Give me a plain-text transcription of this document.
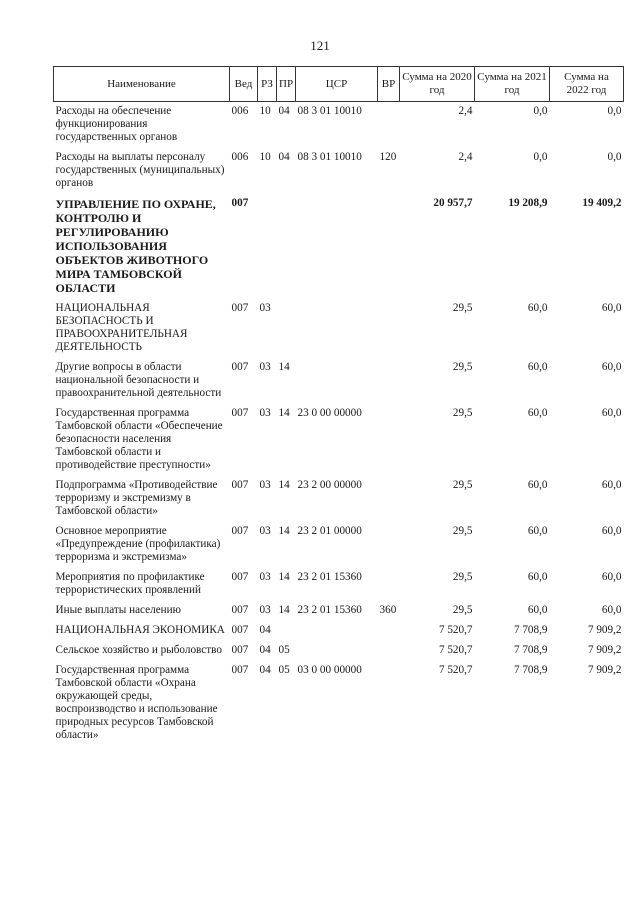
121
Наименование	Вед	РЗ	ПР	ЦСР	ВР	Сумма на 2020 год	Сумма на 2021 год	Сумма на 2022 год
Расходы на обеспечение функционирования государственных органов	006	10	04	08 3 01 10010		2,4	0,0	0,0
Расходы на выплаты персоналу государственных (муниципальных) органов	006	10	04	08 3 01 10010	120	2,4	0,0	0,0
УПРАВЛЕНИЕ ПО ОХРАНЕ, КОНТРОЛЮ И РЕГУЛИРОВАНИЮ ИСПОЛЬЗОВАНИЯ ОБЪЕКТОВ ЖИВОТНОГО МИРА ТАМБОВСКОЙ ОБЛАСТИ	007					20 957,7	19 208,9	19 409,2
НАЦИОНАЛЬНАЯ БЕЗОПАСНОСТЬ И ПРАВООХРАНИТЕЛЬНАЯ ДЕЯТЕЛЬНОСТЬ	007	03				29,5	60,0	60,0
Другие вопросы в области национальной безопасности и правоохранительной деятельности	007	03	14			29,5	60,0	60,0
Государственная программа Тамбовской области «Обеспечение безопасности населения Тамбовской области и противодействие преступности»	007	03	14	23 0 00 00000		29,5	60,0	60,0
Подпрограмма «Противодействие терроризму и экстремизму в Тамбовской области»	007	03	14	23 2 00 00000		29,5	60,0	60,0
Основное мероприятие «Предупреждение (профилактика) терроризма и экстремизма»	007	03	14	23 2 01 00000		29,5	60,0	60,0
Мероприятия по профилактике террористических проявлений	007	03	14	23 2 01 15360		29,5	60,0	60,0
Иные выплаты населению	007	03	14	23 2 01 15360	360	29,5	60,0	60,0
НАЦИОНАЛЬНАЯ ЭКОНОМИКА	007	04				7 520,7	7 708,9	7 909,2
Сельское хозяйство и рыболовство	007	04	05			7 520,7	7 708,9	7 909,2
Государственная программа Тамбовской области «Охрана окружающей среды, воспроизводство и использование природных ресурсов Тамбовской области»	007	04	05	03 0 00 00000		7 520,7	7 708,9	7 909,2
